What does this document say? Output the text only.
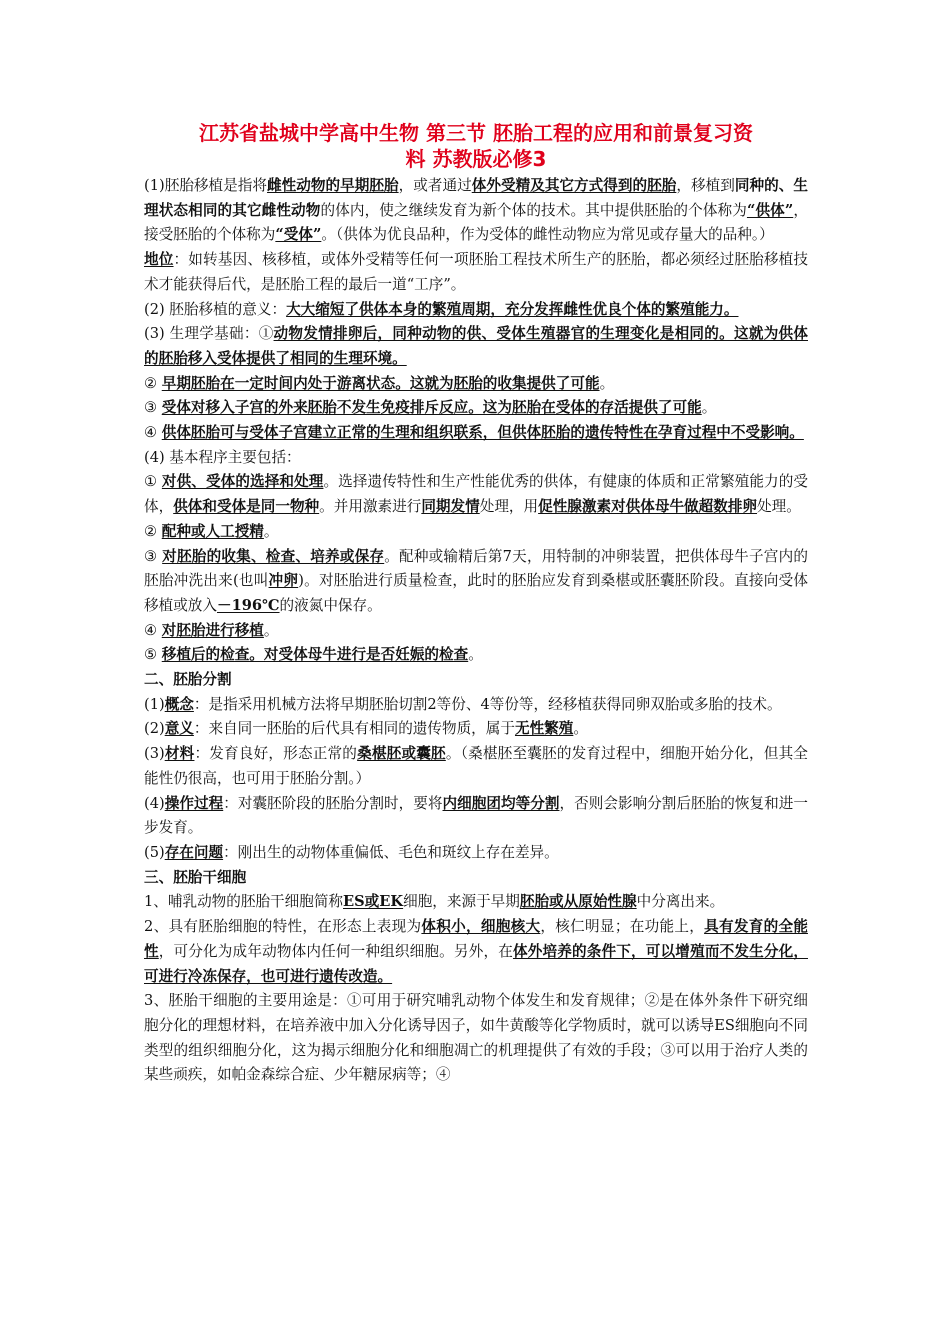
江苏省盐城中学高中生物 第三节 胚胎工程的应用和前景复习资
料 苏教版必修3

(1)胚胎移植是指将雌性动物的早期胚胎，或者通过体外受精及其它方式得到的胚胎，移植到同种的、生理状态相同的其它雌性动物的体内，使之继续发育为新个体的技术。其中提供胚胎的个体称为“供体”，接受胚胎的个体称为“受体”。（供体为优良品种，作为受体的雌性动物应为常见或存量大的品种。）

地位：如转基因、核移植，或体外受精等任何一项胚胎工程技术所生产的胚胎，都必须经过胚胎移植技术才能获得后代，是胚胎工程的最后一道“工序”。

(2) 胚胎移植的意义：大大缩短了供体本身的繁殖周期，充分发挥雌性优良个体的繁殖能力。

(3) 生理学基础：①动物发情排卵后，同种动物的供、受体生殖器官的生理变化是相同的。这就为供体的胚胎移入受体提供了相同的生理环境。

② 早期胚胎在一定时间内处于游离状态。这就为胚胎的收集提供了可能。

③ 受体对移入子宫的外来胚胎不发生免疫排斥反应。这为胚胎在受体的存活提供了可能。

④ 供体胚胎可与受体子宫建立正常的生理和组织联系，但供体胚胎的遗传特性在孕育过程中不受影响。

(4) 基本程序主要包括：

① 对供、受体的选择和处理。选择遗传特性和生产性能优秀的供体，有健康的体质和正常繁殖能力的受体，供体和受体是同一物种。并用激素进行同期发情处理，用促性腺激素对供体母牛做超数排卵处理。

② 配种或人工授精。

③ 对胚胎的收集、检查、培养或保存。配种或输精后第7天，用特制的冲卵装置，把供体母牛子宫内的胚胎冲洗出来(也叫冲卵)。对胚胎进行质量检查，此时的胚胎应发育到桑椹或胚囊胚阶段。直接向受体移植或放入－196℃的液氮中保存。

④ 对胚胎进行移植。

⑤ 移植后的检查。对受体母牛进行是否妊娠的检查。

二、胚胎分割

(1)概念：是指采用机械方法将早期胚胎切割2等份、4等份等，经移植获得同卵双胎或多胎的技术。

(2)意义：来自同一胚胎的后代具有相同的遗传物质，属于无性繁殖。

(3)材料：发育良好，形态正常的桑椹胚或囊胚。（桑椹胚至囊胚的发育过程中，细胞开始分化，但其全能性仍很高，也可用于胚胎分割。）

(4)操作过程：对囊胚阶段的胚胎分割时，要将内细胞团均等分割，否则会影响分割后胚胎的恢复和进一步发育。

(5)存在问题：刚出生的动物体重偏低、毛色和斑纹上存在差异。

三、胚胎干细胞

1、哺乳动物的胚胎干细胞简称ES或EK细胞，来源于早期胚胎或从原始性腺中分离出来。

2、具有胚胎细胞的特性，在形态上表现为体积小，细胞核大，核仁明显；在功能上，具有发育的全能性，可分化为成年动物体内任何一种组织细胞。另外，在体外培养的条件下，可以增殖而不发生分化，可进行冷冻保存，也可进行遗传改造。

3、胚胎干细胞的主要用途是：①可用于研究哺乳动物个体发生和发育规律；②是在体外条件下研究细胞分化的理想材料，在培养液中加入分化诱导因子，如牛黄酸等化学物质时，就可以诱导ES细胞向不同类型的组织细胞分化，这为揭示细胞分化和细胞凋亡的机理提供了有效的手段；③可以用于治疗人类的某些顽疾，如帕金森综合症、少年糖尿病等；④
